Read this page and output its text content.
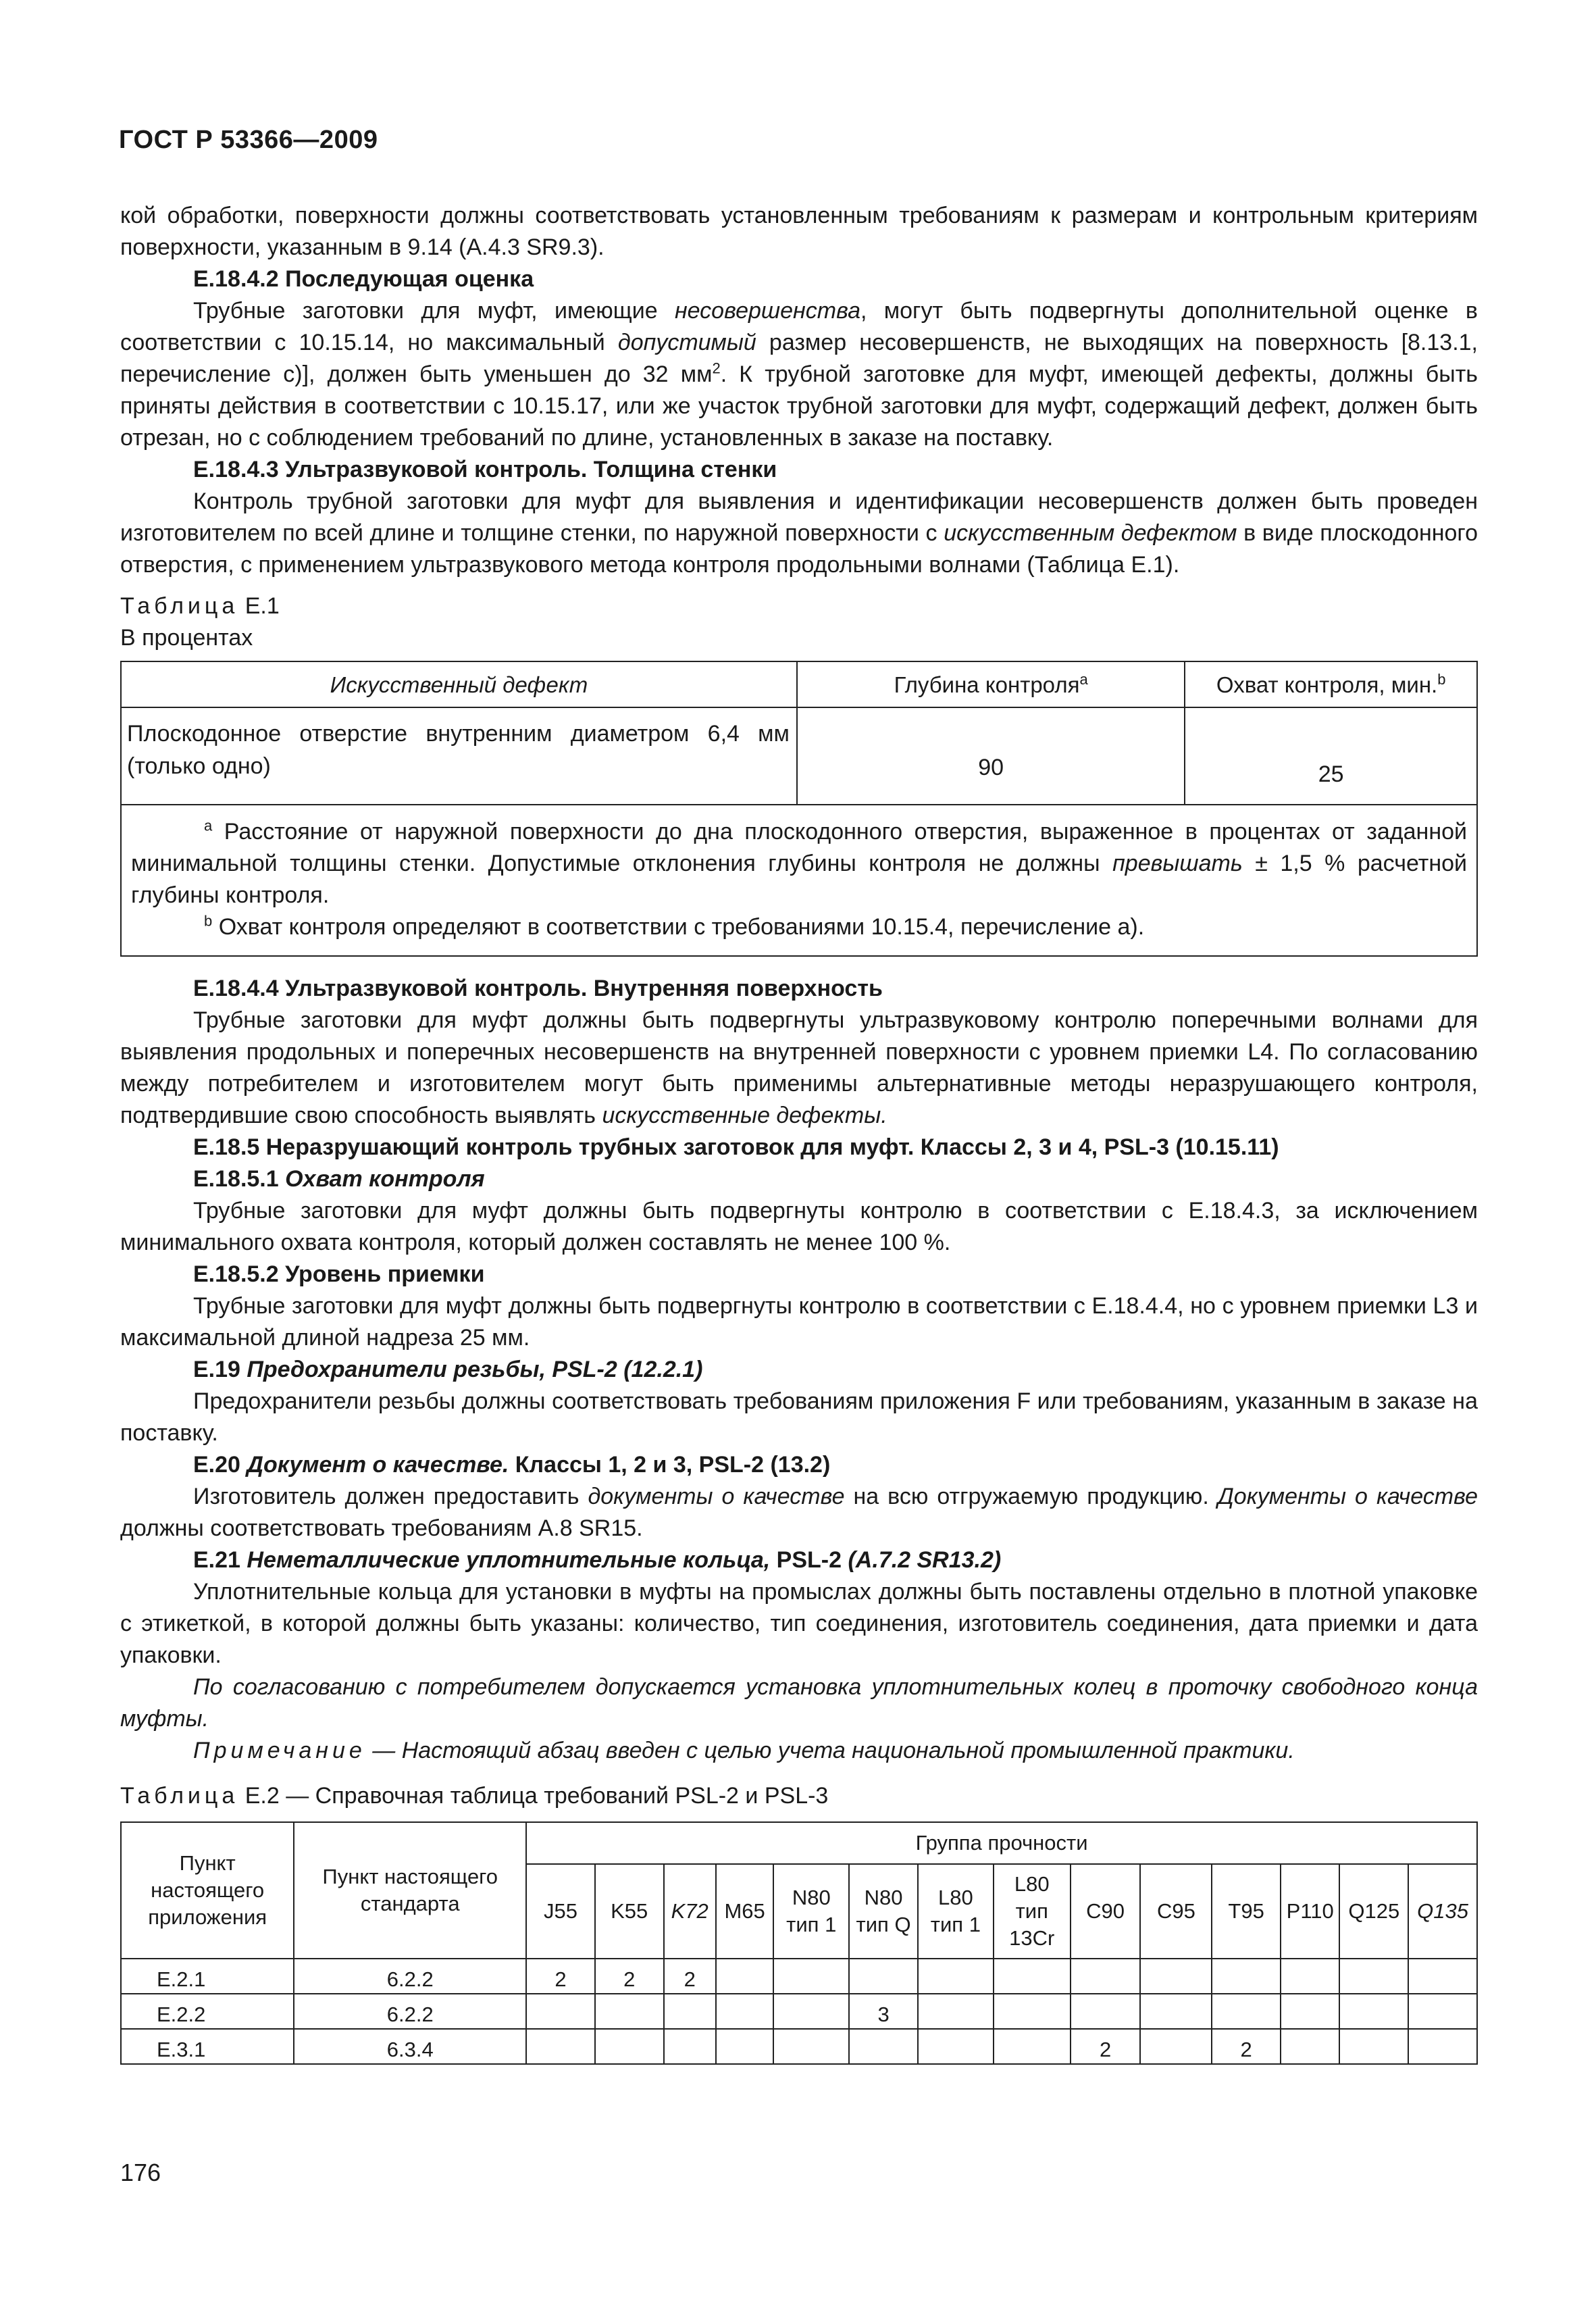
ГОСТ Р 53366—2009

кой обработки, поверхности должны соответствовать установленным требованиям к размерам и контрольным критериям поверхности, указанным в 9.14 (А.4.3 SR9.3).

Е.18.4.2 Последующая оценка

Трубные заготовки для муфт, имеющие несовершенства, могут быть подвергнуты дополнительной оценке в соответствии с 10.15.14, но максимальный допустимый размер несовершенств, не выходящих на поверхность [8.13.1, перечисление c)], должен быть уменьшен до 32 $мм^2$. К трубной заготовке для муфт, имеющей дефекты, должны быть приняты действия в соответствии с 10.15.17, или же участок трубной заготовки для муфт, содержащий дефект, должен быть отрезан, но с соблюдением требований по длине, установленных в заказе на поставку.

Е.18.4.3 Ультразвуковой контроль. Толщина стенки

Контроль трубной заготовки для муфт для выявления и идентификации несовершенств должен быть проведен изготовителем по всей длине и толщине стенки, по наружной поверхности с искусственным дефектом в виде плоскодонного отверстия, с применением ультразвукового метода контроля продольными волнами (Таблица Е.1).

Таблица Е.1

В процентах

Искусственный дефект	Глубина контроля$^a$	Охват контроля, мин.$^b$
Плоскодонное отверстие внутренним диаметром 6,4 мм (только одно)	90	25

$^a$ Расстояние от наружной поверхности до дна плоскодонного отверстия, выраженное в процентах от заданной минимальной толщины стенки. Допустимые отклонения глубины контроля не должны превышать ± 1,5 % расчетной глубины контроля.
$^b$ Охват контроля определяют в соответствии с требованиями 10.15.4, перечисление а).		

Е.18.4.4 Ультразвуковой контроль. Внутренняя поверхность

Трубные заготовки для муфт должны быть подвергнуты ультразвуковому контролю поперечными волнами для выявления продольных и поперечных несовершенств на внутренней поверхности с уровнем приемки L4. По согласованию между потребителем и изготовителем могут быть применимы альтернативные методы неразрушающего контроля, подтвердившие свою способность выявлять искусственные дефекты.

Е.18.5 Неразрушающий контроль трубных заготовок для муфт. Классы 2, 3 и 4, PSL-3 (10.15.11)

Е.18.5.1 Охват контроля

Трубные заготовки для муфт должны быть подвергнуты контролю в соответствии с Е.18.4.3, за исключением минимального охвата контроля, который должен составлять не менее 100 %.

Е.18.5.2 Уровень приемки

Трубные заготовки для муфт должны быть подвергнуты контролю в соответствии с Е.18.4.4, но с уровнем приемки L3 и максимальной длиной надреза 25 мм.

Е.19 Предохранители резьбы, PSL-2 (12.2.1)

Предохранители резьбы должны соответствовать требованиям приложения F или требованиям, указанным в заказе на поставку.

Е.20 Документ о качестве. Классы 1, 2 и 3, PSL-2 (13.2)

Изготовитель должен предоставить документы о качестве на всю отгружаемую продукцию. Документы о качестве должны соответствовать требованиям А.8 SR15.

Е.21 Неметаллические уплотнительные кольца, PSL-2 (А.7.2 SR13.2)

Уплотнительные кольца для установки в муфты на промыслах должны быть поставлены отдельно в плотной упаковке с этикеткой, в которой должны быть указаны: количество, тип соединения, изготовитель соединения, дата приемки и дата упаковки.

По согласованию с потребителем допускается установка уплотнительных колец в проточку свободного конца муфты.

Примечание — Настоящий абзац введен с целью учета национальной промышленной практики.

Таблица Е.2 — Справочная таблица требований PSL-2 и PSL-3

Пункт настоящего приложения	Пункт настоящего стандарта	Группа прочности													
		J55	K55	K72	M65	N80 тип 1	N80 тип Q	L80 тип 1	L80 тип 13Cr	C90	C95	T95	P110	Q125	Q135
Е.2.1	6.2.2	2	2	2											
Е.2.2	6.2.2						3								
Е.3.1	6.3.4									2		2			
176
